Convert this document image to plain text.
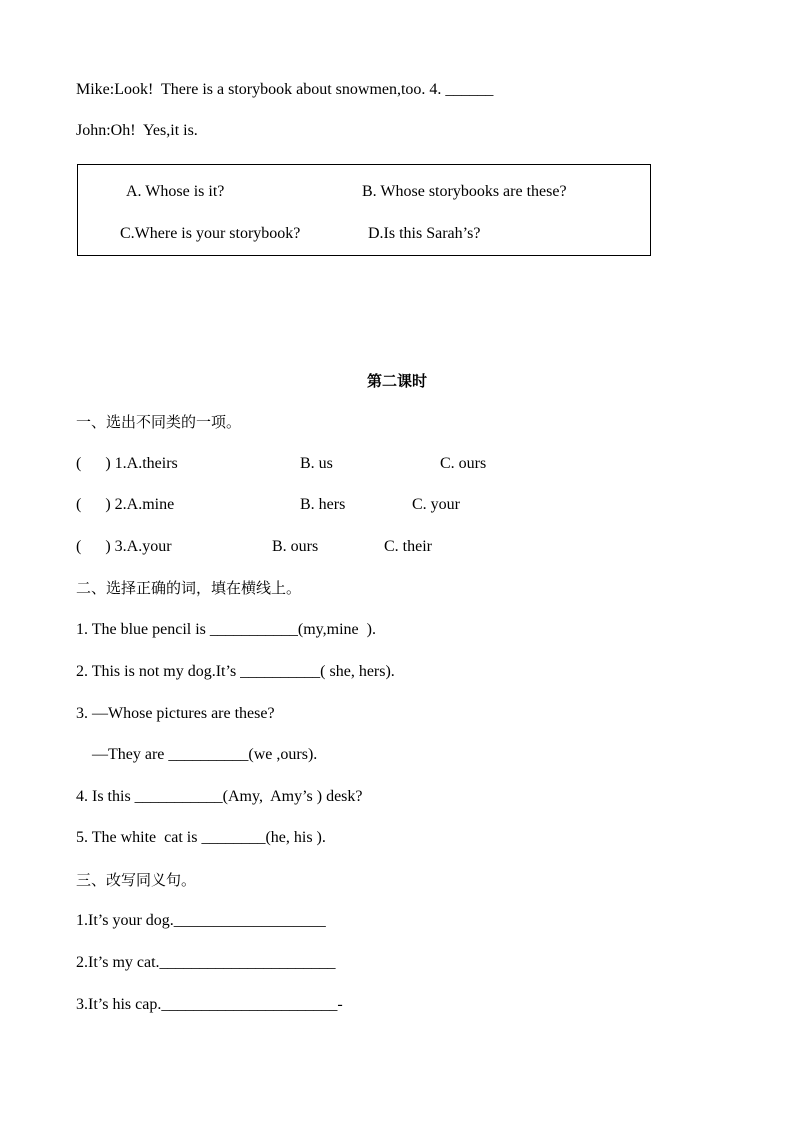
Mike:Look!  There is a storybook about snowmen,too. 4. ______
John:Oh!  Yes,it is.
A. Whose is it?	B. Whose storybooks are these?
C.Where is your storybook?	D.Is this Sarah’s?
第二课时
一、选出不同类的一项。
(      ) 1.A.theirs	B. us	C. ours
(      ) 2.A.mine	B. hers	C. your
(      ) 3.A.your	B. ours	C. their
二、选择正确的词，填在横线上。
1. The blue pencil is ___________(my,mine  ).
2. This is not my dog.It’s __________( she, hers).
3. —Whose pictures are these?
—They are __________(we ,ours).
4. Is this ___________(Amy,  Amy’s ) desk?
5. The white  cat is ________(he, his ).
三、改写同义句。
1.It’s your dog.___________________
2.It’s my cat.______________________
3.It’s his cap.______________________-
